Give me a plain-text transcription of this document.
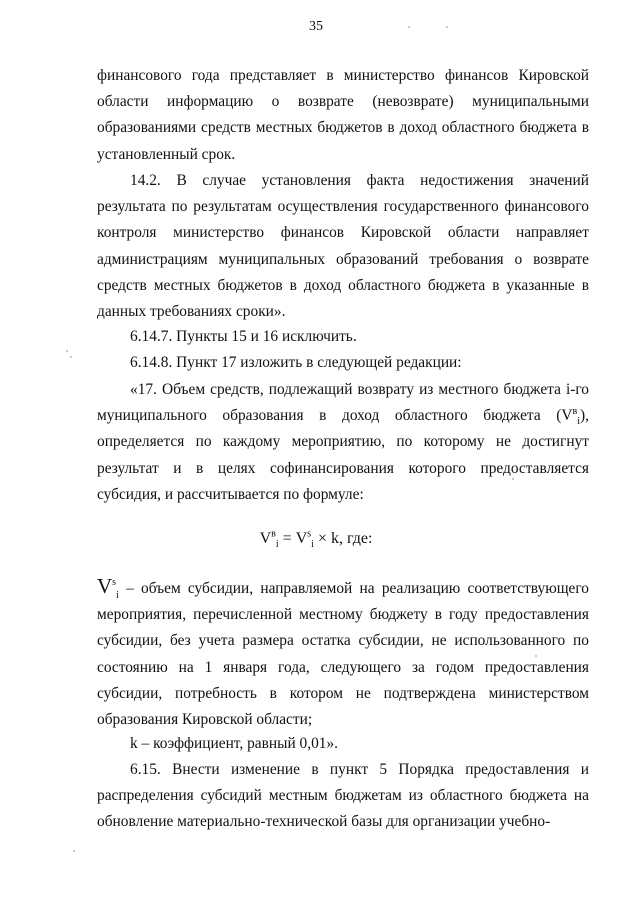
35

финансового года представляет в министерство финансов Кировской области информацию о возврате (невозврате) муниципальными образованиями средств местных бюджетов в доход областного бюджета в установленный срок.

14.2. В случае установления факта недостижения значений результата по результатам осуществления государственного финансового контроля министерство финансов Кировской области направляет администрациям муниципальных образований требования о возврате средств местных бюджетов в доход областного бюджета в указанные в данных требованиях сроки».

6.14.7. Пункты 15 и 16 исключить.

6.14.8. Пункт 17 изложить в следующей редакции:

«17. Объем средств, подлежащий возврату из местного бюджета i-го муниципального образования в доход областного бюджета $(V^в_i)$, определяется по каждому мероприятию, по которому не достигнут результат и в целях софинансирования которого предоставляется субсидия, и рассчитывается по формуле:

$V^в_i = V^s_i \times k$, где:

$V^s_i$ – объем субсидии, направляемой на реализацию соответствующего мероприятия, перечисленной местному бюджету в году предоставления субсидии, без учета размера остатка субсидии, не использованного по состоянию на 1 января года, следующего за годом предоставления субсидии, потребность в котором не подтверждена министерством образования Кировской области;

k – коэффициент, равный 0,01».

6.15. Внести изменение в пункт 5 Порядка предоставления и распределения субсидий местным бюджетам из областного бюджета на обновление материально-технической базы для организации учебно-
